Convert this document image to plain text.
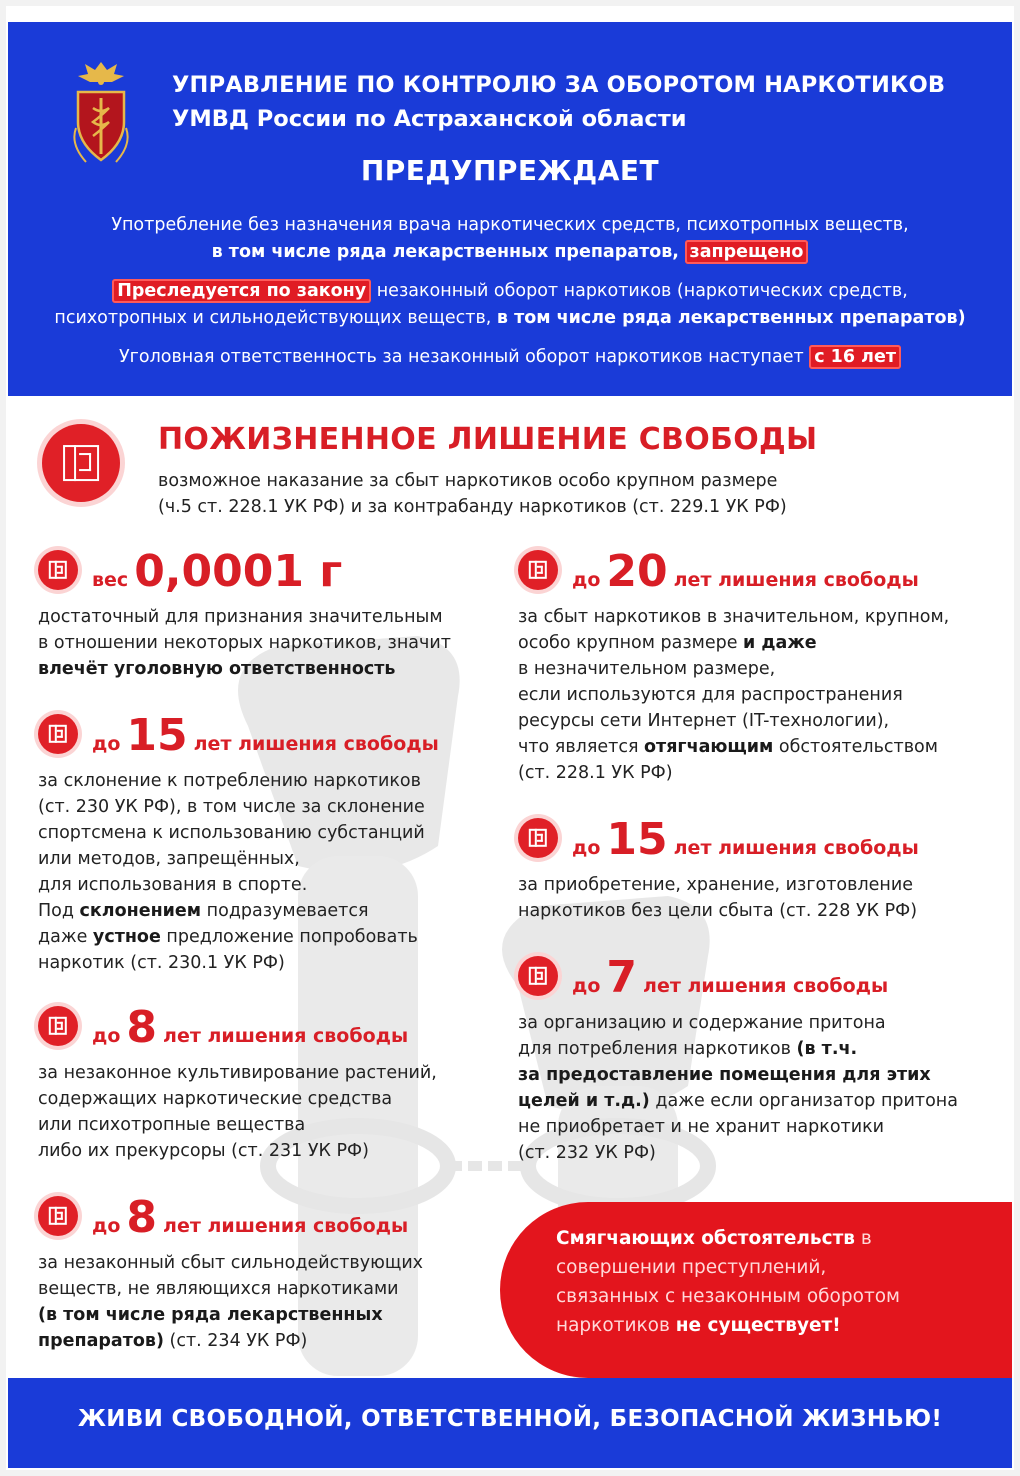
УПРАВЛЕНИЕ ПО КОНТРОЛЮ ЗА ОБОРОТОМ НАРКОТИКОВ
УМВД России по Астраханской области
ПРЕДУПРЕЖДАЕТ
Употребление без назначения врача наркотических средств, психотропных веществ,
в том числе ряда лекарственных препаратов, запрещено
Преследуется по закону незаконный оборот наркотиков (наркотических средств,
психотропных и сильнодействующих веществ, в том числе ряда лекарственных препаратов)
Уголовная ответственность за незаконный оборот наркотиков наступает с 16 лет
ПОЖИЗНЕННОЕ ЛИШЕНИЕ СВОБОДЫ
возможное наказание за сбыт наркотиков особо крупном размере
(ч.5 ст. 228.1 УК РФ) и за контрабанду наркотиков (ст. 229.1 УК РФ)
вес 0,0001 г
достаточный для признания значительным
в отношении некоторых наркотиков, значит
влечёт уголовную ответственность
до 15 лет лишения свободы
за склонение к потреблению наркотиков
(ст. 230 УК РФ), в том числе за склонение
спортсмена к использованию субстанций
или методов, запрещённых,
для использования в спорте.
Под склонением подразумевается
даже устное предложение попробовать
наркотик (ст. 230.1 УК РФ)
до 8 лет лишения свободы
за незаконное культивирование растений,
содержащих наркотические средства
или психотропные вещества
либо их прекурсоры (ст. 231 УК РФ)
до 8 лет лишения свободы
за незаконный сбыт сильнодействующих
веществ, не являющихся наркотиками
(в том числе ряда лекарственных
препаратов) (ст. 234 УК РФ)
до 20 лет лишения свободы
за сбыт наркотиков в значительном, крупном,
особо крупном размере и даже
в незначительном размере,
если используются для распространения
ресурсы сети Интернет (IT-технологии),
что является отягчающим обстоятельством
(ст. 228.1 УК РФ)
до 15 лет лишения свободы
за приобретение, хранение, изготовление
наркотиков без цели сбыта (ст. 228 УК РФ)
до 7 лет лишения свободы
за организацию и содержание притона
для потребления наркотиков (в т.ч.
за предоставление помещения для этих
целей и т.д.) даже если организатор притона
не приобретает и не хранит наркотики
(ст. 232 УК РФ)
Смягчающих обстоятельств в
совершении преступлений,
связанных с незаконным оборотом
наркотиков не существует!
ЖИВИ СВОБОДНОЙ, ОТВЕТСТВЕННОЙ, БЕЗОПАСНОЙ ЖИЗНЬЮ!
